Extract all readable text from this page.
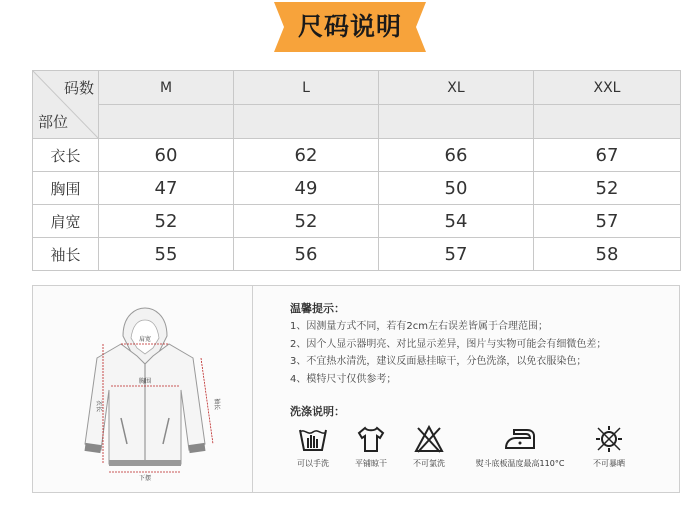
尺码说明
码数
部位	M	L	XL	XXL

衣长	60	62	66	67
胸围	47	49	50	52
肩宽	52	52	54	57
袖长	55	56	57	58
肩宽
胸围
衣长	袖长
下摆
温馨提示：
1、因测量方式不同，若有2cm左右误差皆属于合理范围；
2、因个人显示器明亮、对比显示差异，图片与实物可能会有细微色差；
3、不宜热水清洗，建议反面悬挂晾干，分色洗涤，以免衣服染色；
4、模特尺寸仅供参考；
洗涤说明：
可以手洗	平铺晾干	不可氯洗	熨斗底板温度最高110°C	不可暴晒
